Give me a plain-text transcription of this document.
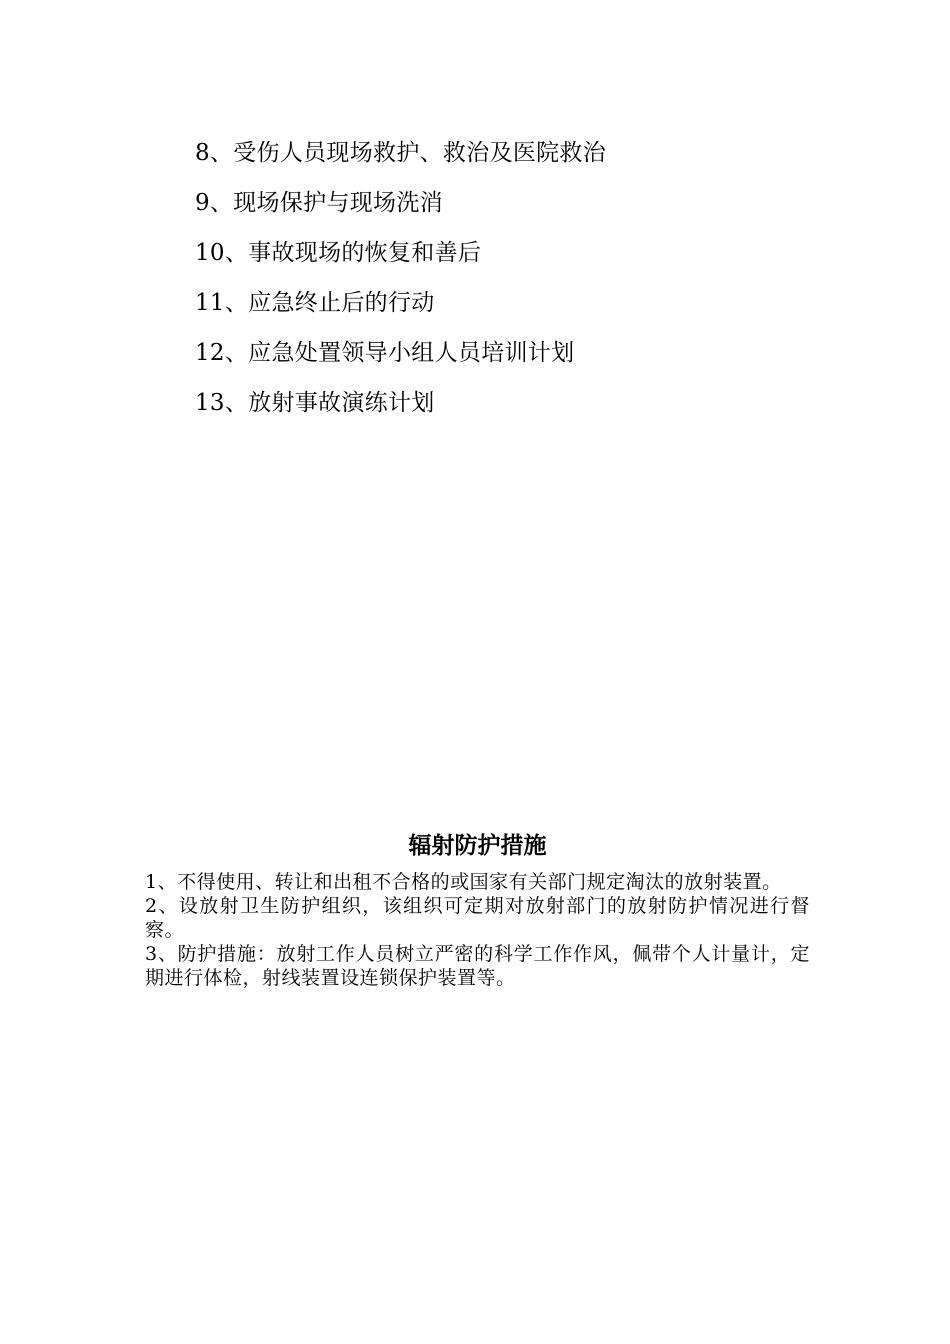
8、受伤人员现场救护、救治及医院救治
9、现场保护与现场洗消
10、事故现场的恢复和善后
11、应急终止后的行动
12、应急处置领导小组人员培训计划
13、放射事故演练计划
辐射防护措施

1、不得使用、转让和出租不合格的或国家有关部门规定淘汰的放射装置。

2、设放射卫生防护组织，该组织可定期对放射部门的放射防护情况进行督察。

3、防护措施：放射工作人员树立严密的科学工作作风，佩带个人计量计，定期进行体检，射线装置设连锁保护装置等。
